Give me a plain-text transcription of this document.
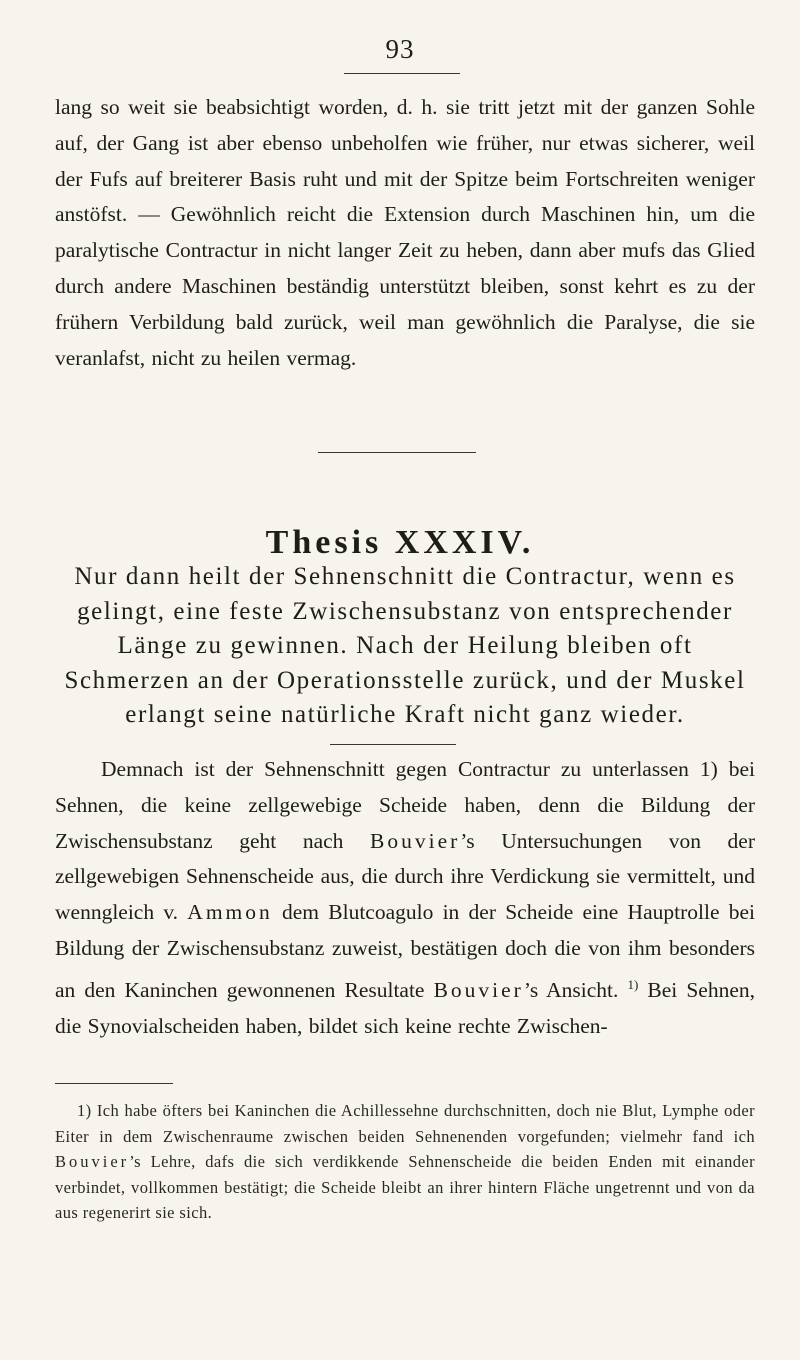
93

lang so weit sie beabsichtigt worden, d. h. sie tritt jetzt mit der ganzen Sohle auf, der Gang ist aber ebenso unbeholfen wie früher, nur etwas sicherer, weil der Fufs auf breiterer Basis ruht und mit der Spitze beim Fortschreiten weniger anstöfst. — Gewöhnlich reicht die Extension durch Maschinen hin, um die paralytische Contractur in nicht langer Zeit zu heben, dann aber mufs das Glied durch andere Maschinen beständig unterstützt bleiben, sonst kehrt es zu der frühern Verbildung bald zurück, weil man gewöhnlich die Paralyse, die sie veranlafst, nicht zu heilen vermag.

Thesis XXXIV.

Nur dann heilt der Sehnenschnitt die Contractur, wenn es gelingt, eine feste Zwischensubstanz von entsprechender Länge zu gewinnen. Nach der Heilung bleiben oft Schmerzen an der Operationsstelle zurück, und der Muskel erlangt seine natürliche Kraft nicht ganz wieder.

Demnach ist der Sehnenschnitt gegen Contractur zu unterlassen 1) bei Sehnen, die keine zellgewebige Scheide haben, denn die Bildung der Zwischensubstanz geht nach Bouvier’s Untersuchungen von der zellgewebigen Sehnenscheide aus, die durch ihre Verdickung sie vermittelt, und wenngleich v. Ammon dem Blutcoagulo in der Scheide eine Hauptrolle bei Bildung der Zwischensubstanz zuweist, bestätigen doch die von ihm besonders an den Kaninchen gewonnenen Resultate Bouvier’s Ansicht. $^{1)}$ Bei Sehnen, die Synovialscheiden haben, bildet sich keine rechte Zwischen-

1) Ich habe öfters bei Kaninchen die Achillessehne durchschnitten, doch nie Blut, Lymphe oder Eiter in dem Zwischenraume zwischen beiden Sehnenenden vorgefunden; vielmehr fand ich Bouvier’s Lehre, dafs die sich verdikkende Sehnenscheide die beiden Enden mit einander verbindet, vollkommen bestätigt; die Scheide bleibt an ihrer hintern Fläche ungetrennt und von da aus regenerirt sie sich.
